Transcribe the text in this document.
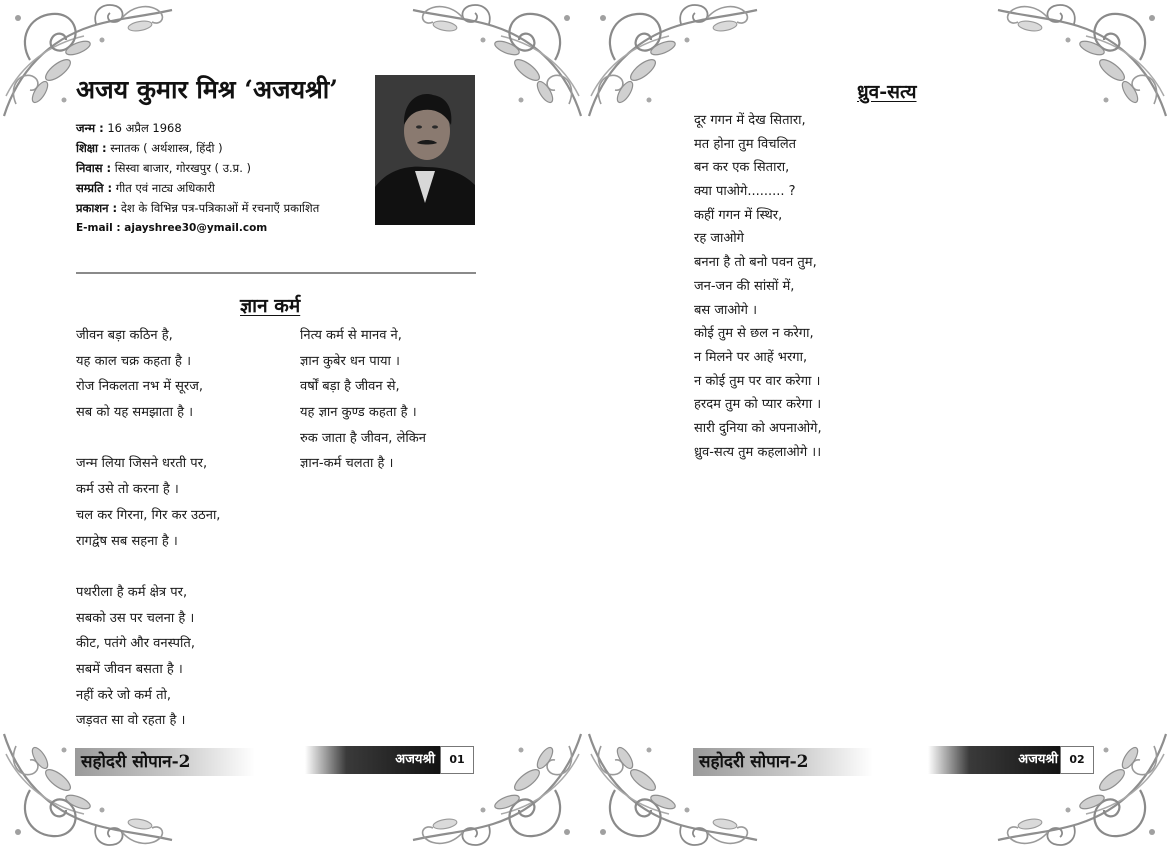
अजय कुमार मिश्र ‘अजयश्री’
जन्म : 16 अप्रैल 1968
शिक्षा : स्नातक ( अर्थशास्त्र, हिंदी )
निवास : सिस्वा बाजार, गोरखपुर ( उ.प्र. )
सम्प्रति : गीत एवं नाट्य अधिकारी
प्रकाशन : देश के विभिन्न पत्र-पत्रिकाओं में रचनाएँ प्रकाशित
E-mail : ajayshree30@ymail.com
ज्ञान कर्म
जीवन बड़ा कठिन है,
यह काल चक्र कहता है ।
रोज निकलता नभ में सूरज,
सब को यह समझाता है ।
जन्म लिया जिसने धरती पर,
कर्म उसे तो करना है ।
चल कर गिरना, गिर कर उठना,
रागद्वेष सब सहना है ।
पथरीला है कर्म क्षेत्र पर,
सबको उस पर चलना है ।
कीट, पतंगे और वनस्पति,
सबमें जीवन बसता है ।
नहीं करे जो कर्म तो,
जड़वत सा वो रहता है ।
नित्य कर्म से मानव ने,
ज्ञान कुबेर धन पाया ।
वर्षों बड़ा है जीवन से,
यह ज्ञान कुण्ड कहता है ।
रुक जाता है जीवन, लेकिन
ज्ञान-कर्म चलता है ।
सहोदरी सोपान-2	अजयश्री	01
ध्रुव-सत्य
दूर गगन में देख सितारा,
मत होना तुम विचलित
बन कर एक सितारा,
क्या पाओगे......... ?
कहीं गगन में स्थिर,
रह जाओगे
बनना है तो बनो पवन तुम,
जन-जन की सांसों में,
बस जाओगे ।
कोई तुम से छल न करेगा,
न मिलने पर आहें भरगा,
न कोई तुम पर वार करेगा ।
हरदम तुम को प्यार करेगा ।
सारी दुनिया को अपनाओगे,
ध्रुव-सत्य तुम कहलाओगे ।।
सहोदरी सोपान-2	अजयश्री	02
